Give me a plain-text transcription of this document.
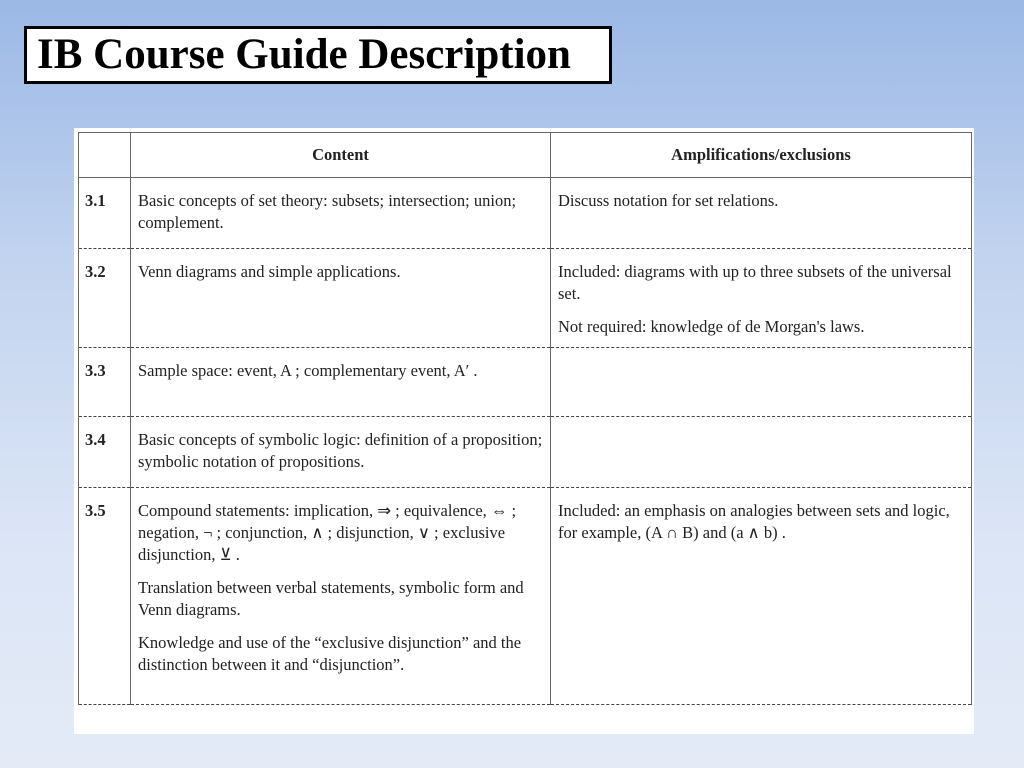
IB Course Guide Description
	Content	Amplifications/exclusions
3.1	Basic concepts of set theory: subsets; intersection; union; complement.	Discuss notation for set relations.

3.2	Venn diagrams and simple applications.	Included: diagrams with up to three subsets of the universal set.

Not required: knowledge of de Morgan's laws.

3.3	Sample space: event, A ; complementary event, A′ .	

3.4	Basic concepts of symbolic logic: definition of a proposition; symbolic notation of propositions.	

3.5	Compound statements: implication, ⇒ ; equivalence, ⇔ ; negation, ¬ ; conjunction, ∧ ; disjunction, ∨ ; exclusive disjunction, ⊻ .

Translation between verbal statements, symbolic form and Venn diagrams.

Knowledge and use of the “exclusive disjunction” and the distinction between it and “disjunction”.	Included: an emphasis on analogies between sets and logic, for example, (A ∩ B) and (a ∧ b) .
